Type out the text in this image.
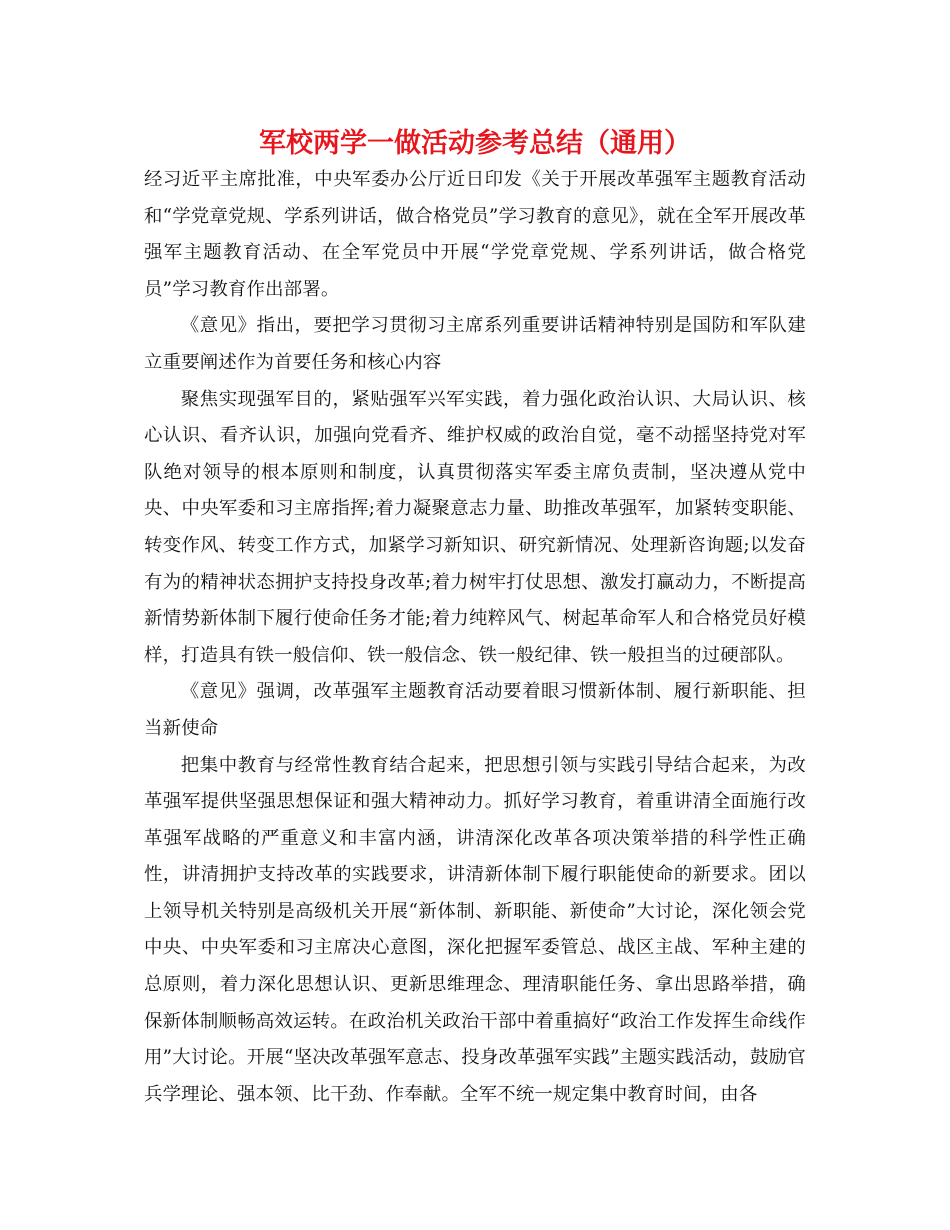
军校两学一做活动参考总结（通用）

经习近平主席批准，中央军委办公厅近日印发《关于开展改革强军主题教育活动和“学党章党规、学系列讲话，做合格党员”学习教育的意见》，就在全军开展改革强军主题教育活动、在全军党员中开展“学党章党规、学系列讲话，做合格党员”学习教育作出部署。

《意见》指出，要把学习贯彻习主席系列重要讲话精神特别是国防和军队建立重要阐述作为首要任务和核心内容

聚焦实现强军目的，紧贴强军兴军实践，着力强化政治认识、大局认识、核心认识、看齐认识，加强向党看齐、维护权威的政治自觉，毫不动摇坚持党对军队绝对领导的根本原则和制度，认真贯彻落实军委主席负责制，坚决遵从党中央、中央军委和习主席指挥;着力凝聚意志力量、助推改革强军，加紧转变职能、转变作风、转变工作方式，加紧学习新知识、研究新情况、处理新咨询题;以发奋有为的精神状态拥护支持投身改革;着力树牢打仗思想、激发打赢动力，不断提高新情势新体制下履行使命任务才能;着力纯粹风气、树起革命军人和合格党员好模样，打造具有铁一般信仰、铁一般信念、铁一般纪律、铁一般担当的过硬部队。

《意见》强调，改革强军主题教育活动要着眼习惯新体制、履行新职能、担当新使命

把集中教育与经常性教育结合起来，把思想引领与实践引导结合起来，为改革强军提供坚强思想保证和强大精神动力。抓好学习教育，着重讲清全面施行改革强军战略的严重意义和丰富内涵，讲清深化改革各项决策举措的科学性正确性，讲清拥护支持改革的实践要求，讲清新体制下履行职能使命的新要求。团以上领导机关特别是高级机关开展“新体制、新职能、新使命”大讨论，深化领会党中央、中央军委和习主席决心意图，深化把握军委管总、战区主战、军种主建的总原则，着力深化思想认识、更新思维理念、理清职能任务、拿出思路举措，确保新体制顺畅高效运转。在政治机关政治干部中着重搞好“政治工作发挥生命线作用”大讨论。开展“坚决改革强军意志、投身改革强军实践”主题实践活动，鼓励官兵学理论、强本领、比干劲、作奉献。全军不统一规定集中教育时间，由各
